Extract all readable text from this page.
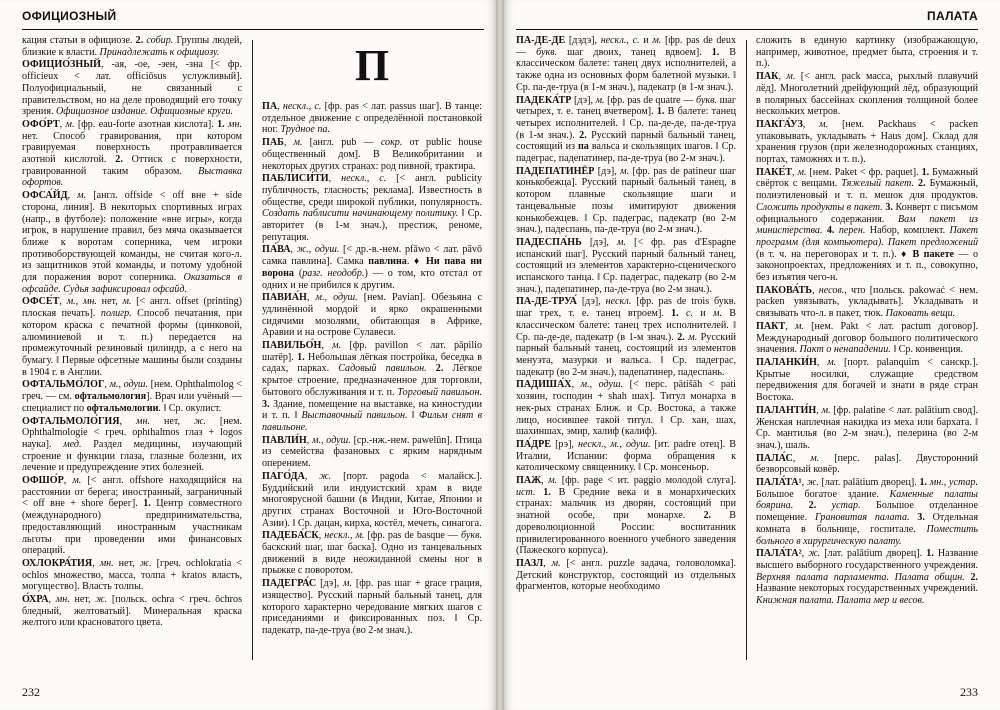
ОФИЦИОЗНЫЙ

кация статьи в официозе. 2. собир. Группы людей, близкие к власти. Принадлежать к официозу.

ОФИЦИО́ЗНЫЙ, -ая, -ое, -зен, -зна [< фр. officieux < лат. officiōsus услужливый]. Полуофициальный, не связанный с правительством, но на деле проводящий его точку зрения. Официозное издание. Официозные круги.

ОФО́РТ, м. [фр. eau-forte азотная кислота]. 1. мн. нет. Способ гравирования, при котором гравируемая поверхность протравливается азотной кислотой. 2. Оттиск с поверхности, гравированной таким образом. Выставка офортов.

ОФСА́ЙД, м. [англ. offside < off вне + side сторона, линия]. В некоторых спортивных играх (напр., в футболе): положение «вне игры», когда игрок, в нарушение правил, без мяча оказывается ближе к воротам соперника, чем игроки противоборствующей команды, не считая кого-л. из защитников этой команды, и потому удобной для поражения ворот соперника. Оказаться в офсайде. Судья зафиксировал офсайд.

ОФСЕ́Т, м., мн. нет, м. [< англ. offset (printing) плоская печать]. полигр. Способ печатания, при котором краска с печатной формы (цинковой, алюминиевой и т. п.) передается на промежуточный резиновый цилиндр, а с него на бумагу. ‖ Первые офсетные машины были созданы в 1904 г. в Англии.

ОФТАЛЬМО́ЛОГ, м., одуш. [нем. Ophthalmolog < греч. — см. офтальмология]. Врач или учёный — специалист по офтальмологии. ‖ Ср. окулист.

ОФТАЛЬМОЛО́ГИЯ, мн. нет, ж. [нем. Ophthalmologie < греч. ophthalmos глаз + logos наука]. мед. Раздел медицины, изучающий строение и функции глаза, глазные болезни, их лечение и предупреждение этих болезней.

ОФШО́Р, м. [< англ. offshore находящийся на расстоянии от берега; иностранный, заграничный < off вне + shore берег]. 1. Центр совместного (международного) предпринимательства, предоставляющий иностранным участникам льготы при проведении ими финансовых операций.

ОХЛОКРА́ТИЯ, мн. нет, ж. [греч. ochlokratia < ochlos множество, масса, толпа + kratos власть, могущество]. Власть толпы.

О́ХРА, мн. нет, ж. [польск. ochra < греч. ōchros бледный, желтоватый]. Минеральная краска желтого или красноватого цвета.

П

ПА, нескл., с. [фр. pas < лат. passus шаг]. В танце: отдельное движение с определённой постановкой ног. Трудное па.

ПАБ, м. [англ. pub — сокр. от public house общественный дом]. В Великобритании и некоторых других странах: род пивной, трактира.

ПАБЛИСИ́ТИ, нескл., с. [< англ. publicity публичность, гласность; реклама]. Известность в обществе, среди широкой публики, популярность. Создать паблисити начинающему политику. ‖ Ср. авторитет (в 1-м знач.), престиж, реноме, репутация.

ПА́ВА, ж., одуш. [< др.-в.-нем. pfāwo < лат. pāvō самка павлина]. Самка павлина. ♦ Ни пава ни ворона (разг. неодобр.) — о том, кто отстал от одних и не прибился к другим.

ПАВИА́Н, м., одуш. [нем. Pavian]. Обезьяна с удлинённой мордой и ярко окрашенными сидячими мозолями, обитающая в Африке, Аравии и на острове Сулавеси.

ПАВИЛЬО́Н, м. [фр. pavillon < лат. pāpilio шатёр]. 1. Небольшая лёгкая постройка, беседка в садах, парках. Садовый павильон. 2. Лёгкое крытое строение, предназначенное для торговли, бытового обслуживания и т. п. Торговый павильон. 3. Здание, помещение на выставке, на киностудии и т. п. ‖ Выставочный павильон. ‖ Фильм снят в павильоне.

ПАВЛИ́Н, м., одуш. [ср.-нж.-нем. pawelūn]. Птица из семейства фазановых с ярким нарядным оперением.

ПАГО́ДА, ж. [порт. pagoda < малайск.]. Буддийский или индуистский храм в виде многоярусной башни (в Индии, Китае, Японии и других странах Восточной и Юго-Восточной Азии). ‖ Ср. дацан, кирха, костёл, мечеть, синагога.

ПАДЕБА́СК, нескл., м. [фр. pas de basque — букв. баскский шаг, шаг баска]. Одно из танцевальных движений в виде неожиданной смены ног в прыжке с поворотом.

ПАДЕГРА́С [дэ], м. [фр. pas шаг + grace грация, изящество]. Русский парный бальный танец, для которого характерно чередование мягких шагов с приседаниями и фиксированных поз. ‖ Ср. падекатр, па-де-труа (во 2-м знач.).

232
ПАЛАТА

ПА-ДЕ-ДЕ́ [дэдэ], нескл., с. и м. [фр. pas de deux — букв. шаг двоих, танец вдвоем]. 1. В классическом балете: танец двух исполнителей, а также одна из основных форм балетной музыки. ‖ Ср. па-де-труа (в 1-м знач.), падекатр (в 1-м знач.).

ПАДЕКА́ТР [дэ], м. [фр. pas de quatre — букв. шаг четырех, т. е. танец вчетвером]. 1. В балете: танец четырех исполнителей. ‖ Ср. па-де-де, па-де-труа (в 1-м знач.). 2. Русский парный бальный танец, состоящий из па вальса и скользящих шагов. ‖ Ср. падеграс, падепатинер, па-де-труа (во 2-м знач.).

ПАДЕПАТИНЁР [дэ], м. [фр. pas de patineur шаг конькобежца]. Русский парный бальный танец, в котором плавные скользящие шаги и танцевальные позы имитируют движения конькобежцев. ‖ Ср. падеграс, падекатр (во 2-м знач.), падеспань, па-де-труа (во 2-м знач.).

ПАДЕСПА́НЬ [дэ], м. [< фр. pas d'Espagne испанский шаг]. Русский парный бальный танец, состоящий из элементов характерно-сценического испанского танца. ‖ Ср. падеграс, падекатр (во 2-м знач.), падепатинер, па-де-труа (во 2-м знач.).

ПА-ДЕ-ТРУА́ [дэ], нескл. [фр. pas de trois букв. шаг трех, т. е. танец втроем]. 1. с. и м. В классическом балете: танец трех исполнителей. ‖ Ср. па-де-де, падекатр (в 1-м знач.). 2. м. Русский парный бальный танец, состоящий из элементов менуэта, мазурки и вальса. ‖ Ср. падеграс, падекатр (во 2-м знач.), падепатинер, падеспань.

ПАДИША́Х, м., одуш. [< перс. pātišāh < pati хозяин, господин + shah шах]. Титул монарха в нек-рых странах Ближ. и Ср. Востока, а также лицо, носившее такой титул. ‖ Ср. хан, шах, шахиншах, эмир, халиф (калиф).

ПА́ДРЕ [рэ], нескл., м., одуш. [ит. padre отец]. В Италии, Испании: форма обращения к католическому священнику. ‖ Ср. монсеньор.

ПАЖ, м. [фр. page < ит. paggio молодой слуга]. ист. 1. В Средние века и в монархических странах: мальчик из дворян, состоящий при знатной особе, при монархе. 2. В дореволюционной России: воспитанник привилегированного военного учебного заведения (Пажеского корпуса).

ПАЗЛ, м. [< англ. puzzle задача, головоломка]. Детский конструктор, состоящий из отдельных фрагментов, которые необходимо

сложить в единую картинку (изображающую, например, животное, предмет быта, строения и т. п.).

ПАК, м. [< англ. pack масса, рыхлый плавучий лёд]. Многолетний дрейфующий лёд, образующий в полярных бассейнах скопления толщиной более нескольких метров.

ПАКГА́УЗ, м. [нем. Packhaus < packen упаковывать, укладывать + Haus дом]. Склад для хранения грузов (при железнодорожных станциях, портах, таможнях и т. п.).

ПАКЕ́Т, м. [нем. Paket < фр. paquet]. 1. Бумажный свёрток с вещами. Тяжелый пакет. 2. Бумажный, полиэтиленовый и т. п. мешок для продуктов. Сложить продукты в пакет. 3. Конверт с письмом официального содержания. Вам пакет из министерства. 4. перен. Набор, комплект. Пакет программ (для компьютера). Пакет предложений (в т. ч. на переговорах и т. п.). ♦ В пакете — о законопроектах, предложениях и т. п., совокупно, без изъятия чего-н.

ПАКОВА́ТЬ, несов., что [польск. pakować < нем. packen увязывать, укладывать]. Укладывать и связывать что-л. в пакет, тюк. Паковать вещи.

ПАКТ, м. [нем. Pakt < лат. pactum договор]. Международный договор большого политического значения. Пакт о ненападении. ‖ Ср. конвенция.

ПАЛАНКИ́Н, м. [порт. palanquim < санскр.]. Крытые носилки, служащие средством передвижения для богачей и знати в ряде стран Востока.

ПАЛАНТИ́Н, м. [фр. palatine < лат. palātium свод]. Женская наплечная накидка из меха или бархата. ‖ Ср. мантилья (во 2-м знач.), пелерина (во 2-м знач.), шаль.

ПАЛА́С, м. [перс. palas]. Двусторонний безворсовый ковёр.

ПАЛА́ТА¹, ж. [лат. palātium дворец]. 1. мн., устар. Большое богатое здание. Каменные палаты боярина. 2. устар. Большое отделанное помещение. Грановитая палата. 3. Отдельная комната в больнице, госпитале. Поместить больного в хирургическую палату.

ПАЛА́ТА², ж. [лат. palātium дворец]. 1. Название высшего выборного государственного учреждения. Верхняя палата парламента. Палата общин. 2. Название некоторых государственных учреждений. Книжная палата. Палата мер и весов.

233
